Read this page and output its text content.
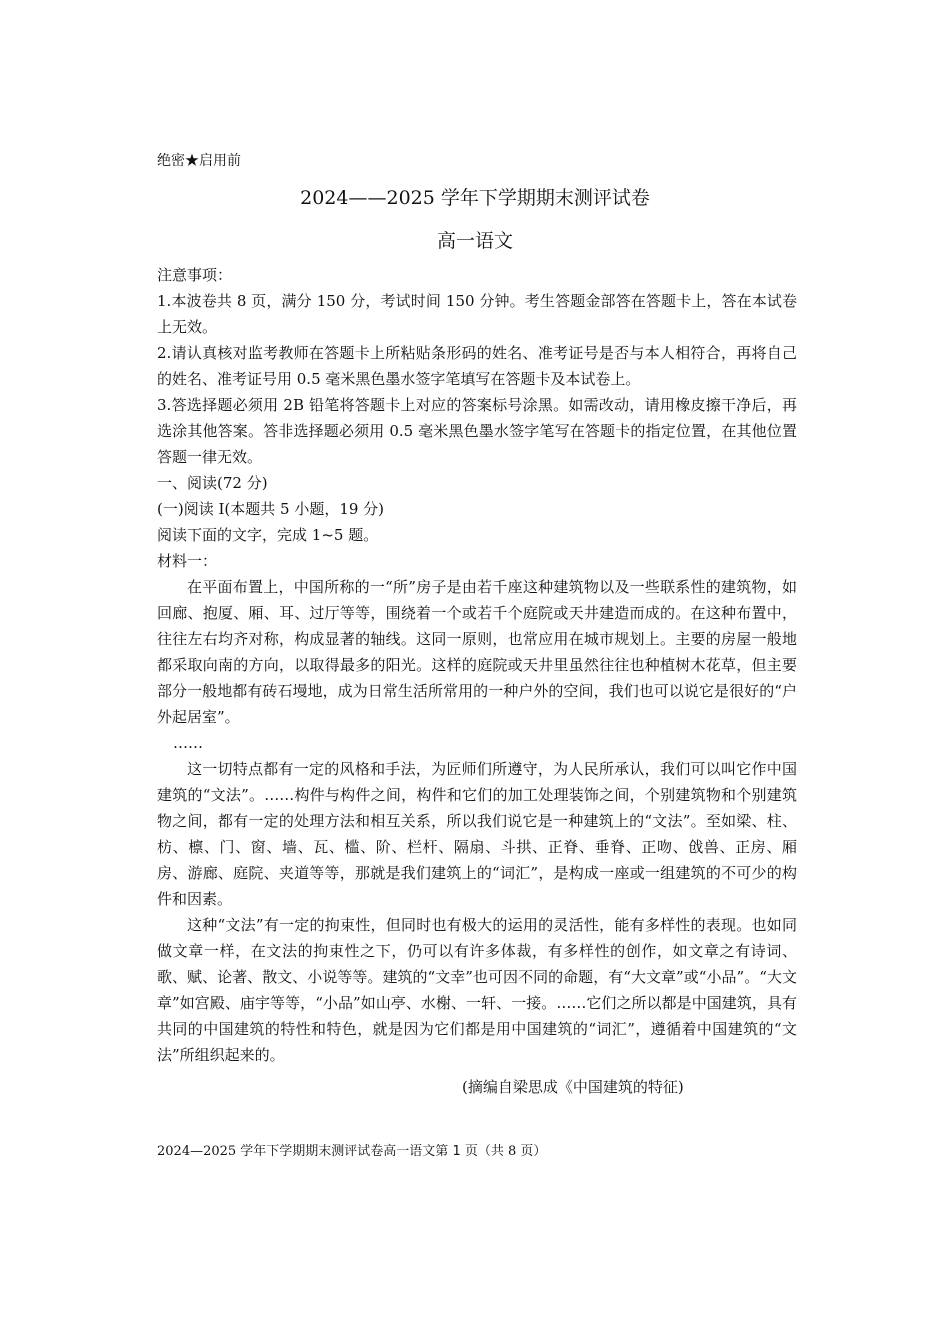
绝密★启用前
2024——2025 学年下学期期末测评试卷
高一语文

注意事项：

1.本波卷共 8 页，满分 150 分，考试时间 150 分钟。考生答题金部答在答题卡上，答在本试卷上无效。

2.请认真核对监考教师在答题卡上所粘贴条形码的姓名、准考证号是否与本人相符合，再将自己的姓名、准考证号用 0.5 毫米黑色墨水签字笔填写在答题卡及本试卷上。

3.答选择题必须用 2B 铅笔将答题卡上对应的答案标号涂黑。如需改动，请用橡皮擦干净后，再选涂其他答案。答非选择题必须用 0.5 毫米黑色墨水签字笔写在答题卡的指定位置，在其他位置答题一律无效。

一、阅读(72 分)

(一)阅读 I(本题共 5 小题，19 分)

阅读下面的文字，完成 1~5 题。

材料一：

在平面布置上，中国所称的一“所”房子是由若千座这种建筑物以及一些联系性的建筑物，如回廊、抱厦、厢、耳、过厅等等，围绕着一个或若千个庭院或天井建造而成的。在这种布置中，往往左右均齐对称，构成显著的轴线。这同一原则，也常应用在城市规划上。主要的房屋一般地都采取向南的方向，以取得最多的阳光。这样的庭院或天井里虽然往往也种植树木花草，但主要部分一般地都有砖石墁地，成为日常生活所常用的一种户外的空间，我们也可以说它是很好的“户外起居室”。

……

这一切特点都有一定的风格和手法，为匠师们所遵守，为人民所承认，我们可以叫它作中国建筑的“文法”。……构件与构件之间，构件和它们的加工处理装饰之间，个别建筑物和个别建筑物之间，都有一定的处理方法和相互关系，所以我们说它是一种建筑上的“文法”。至如梁、柱、枋、檩、门、窗、墙、瓦、槛、阶、栏杆、隔扇、斗拱、正脊、垂脊、正吻、戗兽、正房、厢房、游廊、庭院、夹道等等，那就是我们建筑上的“词汇”，是构成一座或一组建筑的不可少的构件和因素。

这种“文法”有一定的拘束性，但同时也有极大的运用的灵活性，能有多样性的表现。也如同做文章一样，在文法的拘束性之下，仍可以有许多体裁，有多样性的创作，如文章之有诗词、歌、赋、论著、散文、小说等等。建筑的“文幸”也可因不同的命题，有“大文章”或“小品”。“大文章”如宫殿、庙宇等等，“小品”如山亭、水榭、一轩、一接。……它们之所以都是中国建筑，具有共同的中国建筑的特性和特色，就是因为它们都是用中国建筑的“词汇”，遵循着中国建筑的“文法”所组织起来的。

(摘编自梁思成《中国建筑的特征)
2024—2025 学年下学期期末测评试卷高一语文第 1 页（共 8 页）
